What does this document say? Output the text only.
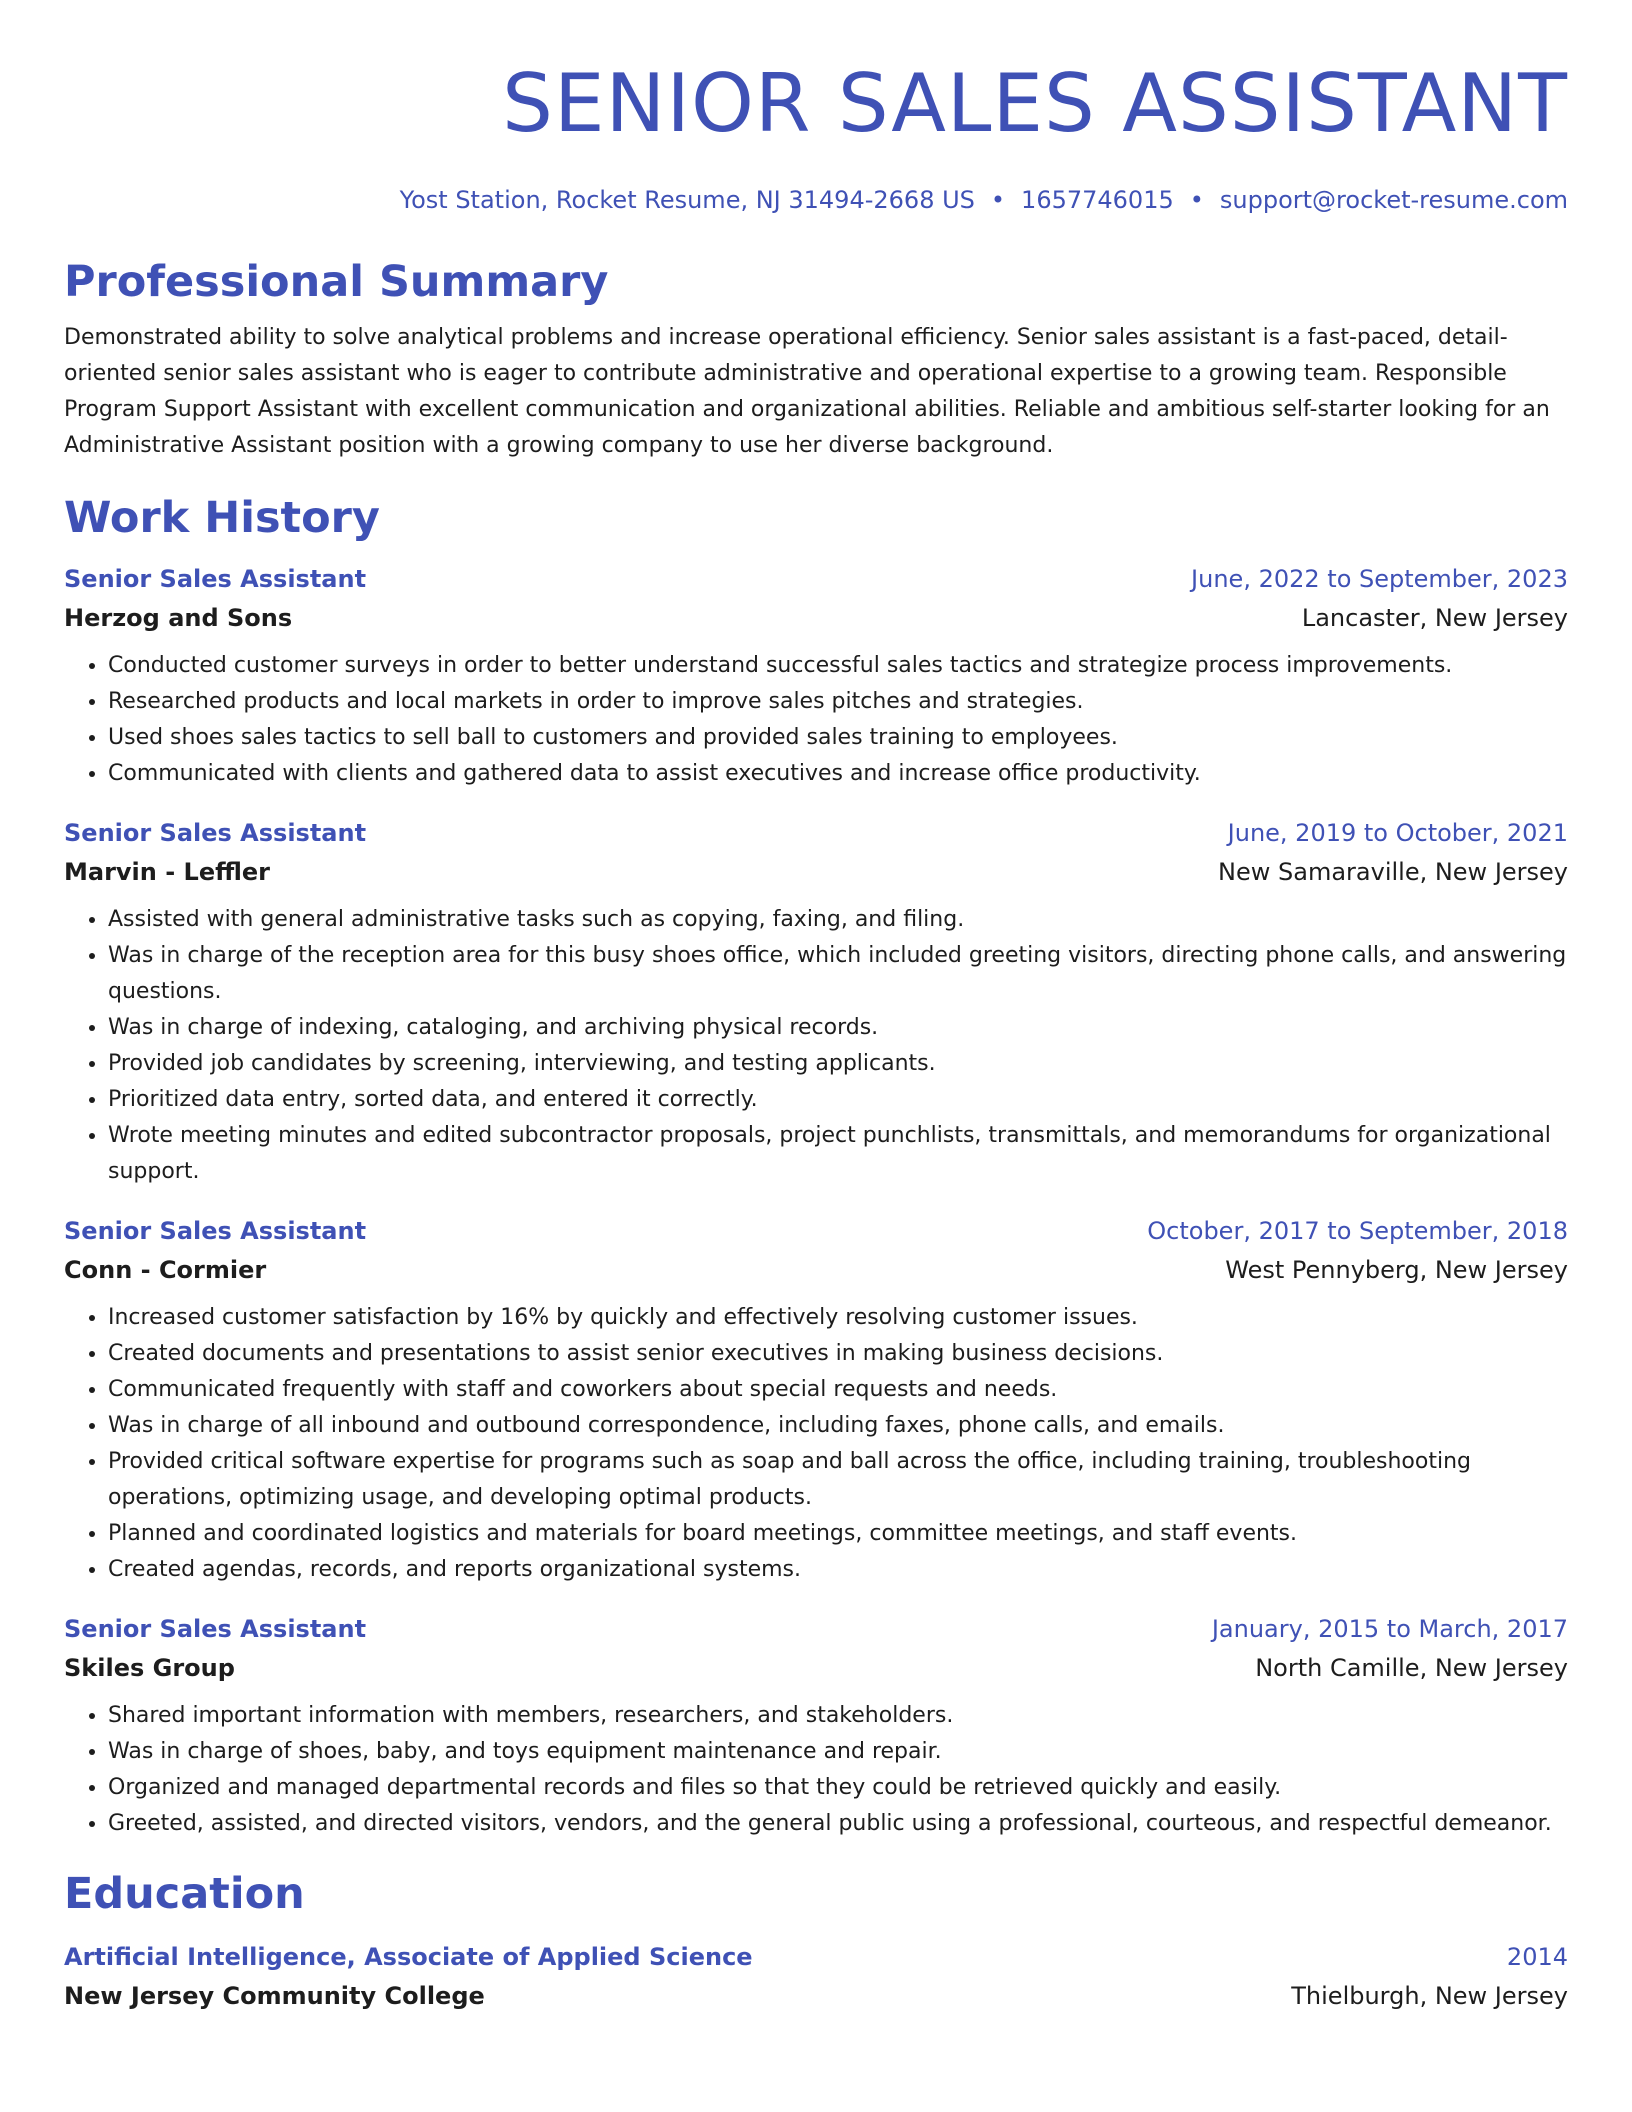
SENIOR SALES ASSISTANT
Yost Station, Rocket Resume, NJ 31494-2668 US • 1657746015 • support@rocket-resume.com
Professional Summary
Demonstrated ability to solve analytical problems and increase operational efficiency. Senior sales assistant is a fast-paced, detail-oriented senior sales assistant who is eager to contribute administrative and operational expertise to a growing team. Responsible Program Support Assistant with excellent communication and organizational abilities. Reliable and ambitious self-starter looking for an Administrative Assistant position with a growing company to use her diverse background.
Work History
Senior Sales Assistant	June, 2022 to September, 2023
Herzog and Sons	Lancaster, New Jersey
• Conducted customer surveys in order to better understand successful sales tactics and strategize process improvements.
• Researched products and local markets in order to improve sales pitches and strategies.
• Used shoes sales tactics to sell ball to customers and provided sales training to employees.
• Communicated with clients and gathered data to assist executives and increase office productivity.
Senior Sales Assistant	June, 2019 to October, 2021
Marvin - Leffler	New Samaraville, New Jersey
• Assisted with general administrative tasks such as copying, faxing, and filing.
• Was in charge of the reception area for this busy shoes office, which included greeting visitors, directing phone calls, and answering questions.
• Was in charge of indexing, cataloging, and archiving physical records.
• Provided job candidates by screening, interviewing, and testing applicants.
• Prioritized data entry, sorted data, and entered it correctly.
• Wrote meeting minutes and edited subcontractor proposals, project punchlists, transmittals, and memorandums for organizational support.
Senior Sales Assistant	October, 2017 to September, 2018
Conn - Cormier	West Pennyberg, New Jersey
• Increased customer satisfaction by 16% by quickly and effectively resolving customer issues.
• Created documents and presentations to assist senior executives in making business decisions.
• Communicated frequently with staff and coworkers about special requests and needs.
• Was in charge of all inbound and outbound correspondence, including faxes, phone calls, and emails.
• Provided critical software expertise for programs such as soap and ball across the office, including training, troubleshooting operations, optimizing usage, and developing optimal products.
• Planned and coordinated logistics and materials for board meetings, committee meetings, and staff events.
• Created agendas, records, and reports organizational systems.
Senior Sales Assistant	January, 2015 to March, 2017
Skiles Group	North Camille, New Jersey
• Shared important information with members, researchers, and stakeholders.
• Was in charge of shoes, baby, and toys equipment maintenance and repair.
• Organized and managed departmental records and files so that they could be retrieved quickly and easily.
• Greeted, assisted, and directed visitors, vendors, and the general public using a professional, courteous, and respectful demeanor.
Education
Artificial Intelligence, Associate of Applied Science	2014
New Jersey Community College	Thielburgh, New Jersey
